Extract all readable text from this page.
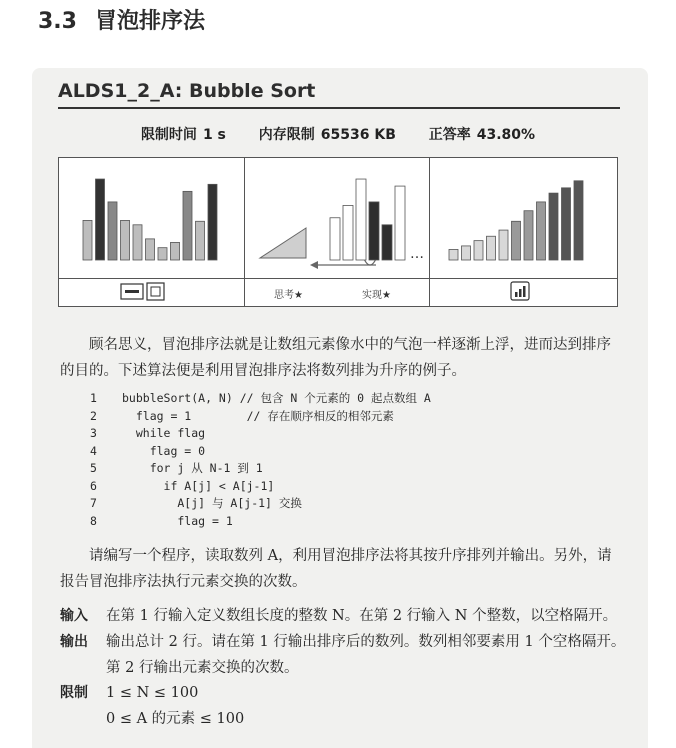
3.3 冒泡排序法
ALDS1_2_A: Bubble Sort
限制时间 1 s 内存限制 65536 KB 正答率 43.80%
…
思考★	实现★
顾名思义，冒泡排序法就是让数组元素像水中的气泡一样逐渐上浮，进而达到排序的目的。下述算法便是利用冒泡排序法将数列排为升序的例子。
1 bubbleSort(A, N) // 包含 N 个元素的 0 起点数组 A
2  flag = 1        // 存在顺序相反的相邻元素
3  while flag
4    flag = 0
5    for j 从 N-1 到 1
6      if A[j] < A[j-1]
7        A[j] 与 A[j-1] 交换
8        flag = 1
请编写一个程序，读取数列 A，利用冒泡排序法将其按升序排列并输出。另外，请报告冒泡排序法执行元素交换的次数。
输入 在第 1 行输入定义数组长度的整数 N。在第 2 行输入 N 个整数，以空格隔开。
输出 输出总计 2 行。请在第 1 行输出排序后的数列。数列相邻要素用 1 个空格隔开。第 2 行输出元素交换的次数。
限制 1 ≤ N ≤ 100
0 ≤ A 的元素 ≤ 100
